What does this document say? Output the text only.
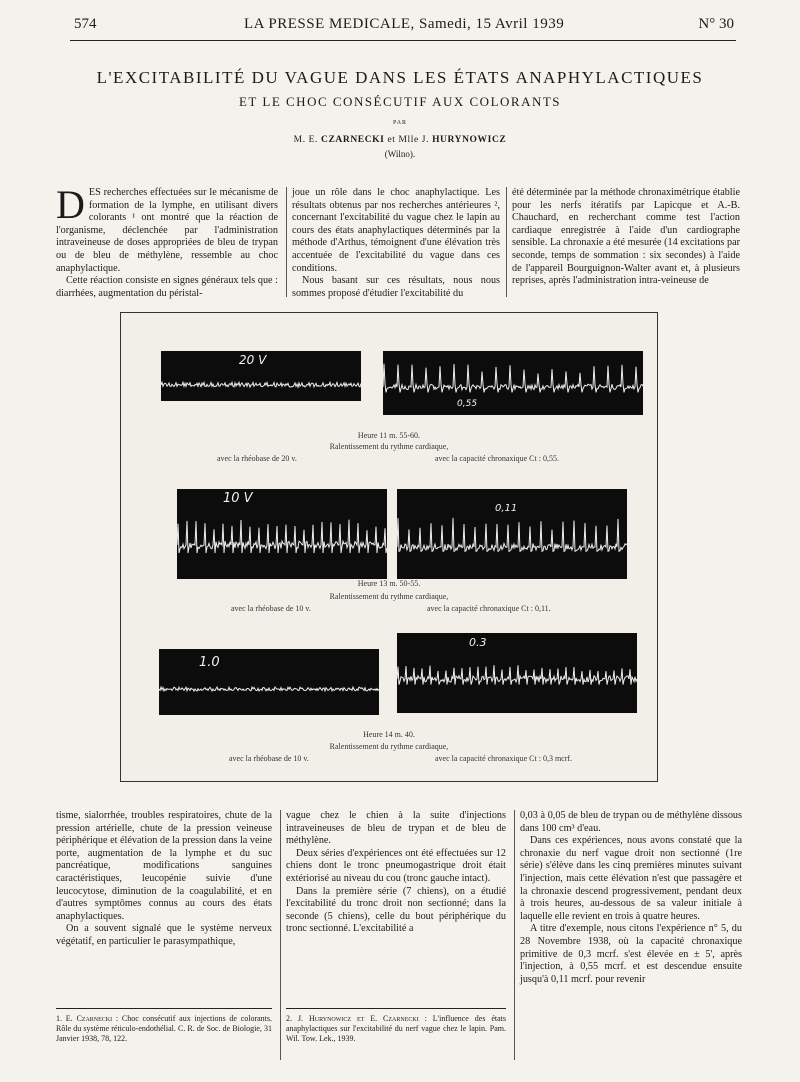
574	LA PRESSE MEDICALE, Samedi, 15 Avril 1939	N° 30
L'EXCITABILITÉ DU VAGUE DANS LES ÉTATS ANAPHYLACTIQUES
ET LE CHOC CONSÉCUTIF AUX COLORANTS
PAR
M. E. CZARNECKI et Mlle J. HURYNOWICZ
(Wilno).

DES recherches effectuées sur le mécanisme de formation de la lymphe, en utilisant divers colorants ¹ ont montré que la réaction de l'organisme, déclenchée par l'administration intraveineuse de doses appropriées de bleu de trypan ou de bleu de méthylène, ressemble au choc anaphylactique.

Cette réaction consiste en signes généraux tels que : diarrhées, augmentation du péristal-

joue un rôle dans le choc anaphylactique. Les résultats obtenus par nos recherches antérieures ², concernant l'excitabilité du vague chez le lapin au cours des états anaphylactiques déterminés par la méthode d'Arthus, témoignent d'une élévation très accentuée de l'excitabilité du vague dans ces conditions.

Nous basant sur ces résultats, nous nous sommes proposé d'étudier l'excitabilité du

été déterminée par la méthode chronaximétrique établie pour les nerfs itératifs par Lapicque et A.-B. Chauchard, en recherchant comme test l'action cardiaque enregistrée à l'aide d'un cardiographe sensible. La chronaxie a été mesurée (14 excitations par seconde, temps de sommation : six secondes) à l'aide de l'appareil Bourguignon-Walter avant et, à plusieurs reprises, après l'administration intra-veineuse de

20 V
0,55
Heure 11 m. 55-60.
Ralentissement du rythme cardiaque,
avec la rhéobase de 20 v.	avec la capacité chronaxique Ct : 0,55.
10 V
0,11
Heure 13 m. 50-55.
Ralentissement du rythme cardiaque,
avec la rhéobase de 10 v.	avec la capacité chronaxique Ct : 0,11.
1.0
0.3
Heure 14 m. 40.
Ralentissement du rythme cardiaque,
avec la rhéobase de 10 v.	avec la capacité chronaxique Ct : 0,3 mcrf.

tisme, sialorrhée, troubles respiratoires, chute de la pression artérielle, chute de la pression veineuse périphérique et élévation de la pression dans la veine porte, augmentation de la lymphe et du suc pancréatique, modifications sanguines caractéristiques, leucopénie suivie d'une leucocytose, diminution de la coagulabilité, et en d'autres symptômes connus au cours des états anaphylactiques.

On a souvent signalé que le système nerveux végétatif, en particulier le parasympathique,

vague chez le chien à la suite d'injections intraveineuses de bleu de trypan et de bleu de méthylène.

Deux séries d'expériences ont été effectuées sur 12 chiens dont le tronc pneumogastrique droit était extériorisé au niveau du cou (tronc gauche intact).

Dans la première série (7 chiens), on a étudié l'excitabilité du tronc droit non sectionné; dans la seconde (5 chiens), celle du bout périphérique du tronc sectionné. L'excitabilité a

0,03 à 0,05 de bleu de trypan ou de méthylène dissous dans 100 cm³ d'eau.

Dans ces expériences, nous avons constaté que la chronaxie du nerf vague droit non sectionné (1re série) s'élève dans les cinq premières minutes suivant l'injection, mais cette élévation n'est que passagère et la chronaxie descend progressivement, pendant deux à trois heures, au-dessous de sa valeur initiale à laquelle elle revient en trois à quatre heures.

A titre d'exemple, nous citons l'expérience n° 5, du 28 Novembre 1938, où la capacité chronaxique primitive de 0,3 mcrf. s'est élevée en ± 5', après l'injection, à 0,55 mcrf. et est descendue ensuite jusqu'à 0,11 mcrf. pour revenir

1. E. Czarnecki : Choc consécutif aux injections de colorants. Rôle du système réticulo-endothélial. C. R. de Soc. de Biologie, 31 Janvier 1938, 78, 122.

2. J. Hurynowicz et E. Czarnecki : L'influence des états anaphylactiques sur l'excitabilité du nerf vague chez le lapin. Pam. Wil. Tow. Lek., 1939.
